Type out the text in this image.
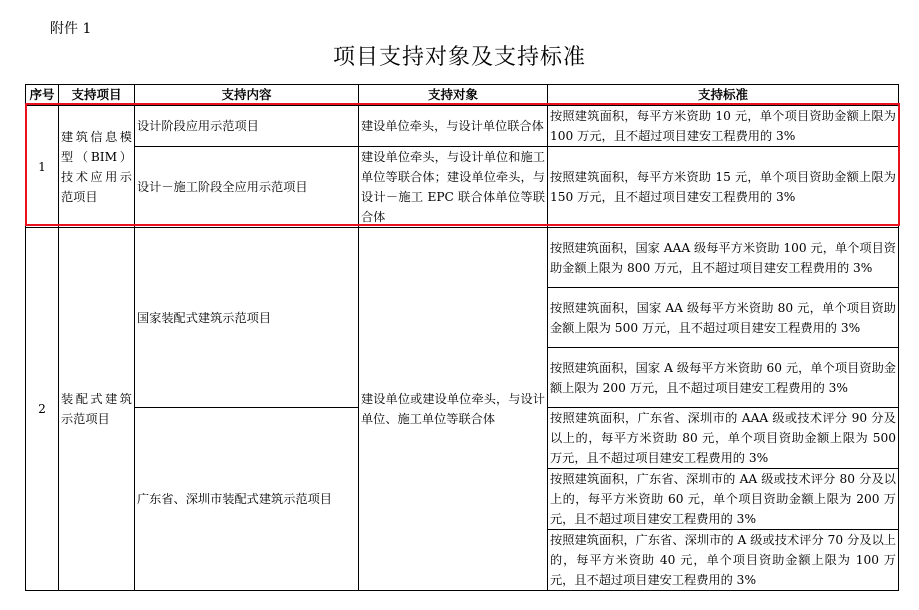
附件 1
项目支持对象及支持标准
序号	支持项目	支持内容	支持对象	支持标准
1	建筑信息模型（BIM）技术应用示范项目	设计阶段应用示范项目	建设单位牵头，与设计单位联合体	按照建筑面积，每平方米资助 10 元，单个项目资助金额上限为 100 万元，且不超过项目建安工程费用的 3%
		设计－施工阶段全应用示范项目	建设单位牵头，与设计单位和施工单位等联合体；建设单位牵头，与设计－施工 EPC 联合体单位等联合体	按照建筑面积，每平方米资助 15 元，单个项目资助金额上限为 150 万元，且不超过项目建安工程费用的 3%
2	装配式建筑示范项目	国家装配式建筑示范项目	建设单位或建设单位牵头，与设计单位、施工单位等联合体	按照建筑面积，国家 AAA 级每平方米资助 100 元，单个项目资助金额上限为 800 万元，且不超过项目建安工程费用的 3%
				按照建筑面积，国家 AA 级每平方米资助 80 元，单个项目资助金额上限为 500 万元，且不超过项目建安工程费用的 3%
				按照建筑面积，国家 A 级每平方米资助 60 元，单个项目资助金额上限为 200 万元，且不超过项目建安工程费用的 3%
		广东省、深圳市装配式建筑示范项目		按照建筑面积，广东省、深圳市的 AAA 级或技术评分 90 分及以上的，每平方米资助 80 元，单个项目资助金额上限为 500 万元，且不超过项目建安工程费用的 3%
				按照建筑面积，广东省、深圳市的 AA 级或技术评分 80 分及以上的，每平方米资助 60 元，单个项目资助金额上限为 200 万元，且不超过项目建安工程费用的 3%
				按照建筑面积，广东省、深圳市的 A 级或技术评分 70 分及以上的，每平方米资助 40 元，单个项目资助金额上限为 100 万元，且不超过项目建安工程费用的 3%
